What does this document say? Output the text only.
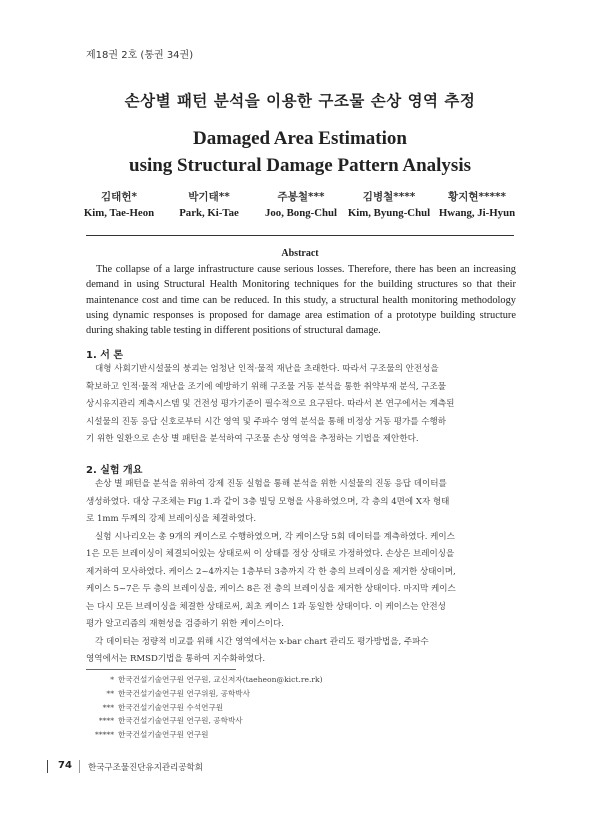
제18권 2호 (통권 34권)
손상별 패턴 분석을 이용한 구조물 손상 영역 추정
Damaged Area Estimation
using Structural Damage Pattern Analysis
김태헌*
Kim, Tae-Heon
박기태**
Park, Ki-Tae
주봉철***
Joo, Bong-Chul
김병철****
Kim, Byung-Chul
황지현*****
Hwang, Ji-Hyun
Abstract
The collapse of a large infrastructure cause serious losses. Therefore, there has been an increasing demand in using Structural Health Monitoring techniques for the building structures so that their maintenance cost and time can be reduced. In this study, a structural health monitoring methodology using dynamic responses is proposed for damage area estimation of a prototype building structure during shaking table testing in different positions of structural damage.
1. 서 론
대형 사회기반시설물의 붕괴는 엄청난 인적·물적 재난을 초래한다. 따라서 구조물의 안전성을
확보하고 인적·물적 재난을 조기에 예방하기 위해 구조물 거동 분석을 통한 취약부재 분석, 구조물
상시유지관리 계측시스템 및 건전성 평가기준이 필수적으로 요구된다. 따라서 본 연구에서는 계측된
시설물의 진동 응답 신호로부터 시간 영역 및 주파수 영역 분석을 통해 비정상 거동 평가를 수행하
기 위한 일환으로 손상 별 패턴을 분석하여 구조물 손상 영역을 추정하는 기법을 제안한다.
2. 실험 개요
손상 별 패턴을 분석을 위하여 강제 진동 실험을 통해 분석을 위한 시설물의 진동 응답 데이터를
생성하였다. 대상 구조체는 Fig 1.과 같이 3층 빌딩 모형을 사용하였으며, 각 층의 4면에 X자 형태
로 1mm 두께의 강제 브레이싱을 체결하였다.
실험 시나리오는 총 9개의 케이스로 수행하였으며, 각 케이스당 5회 데이터를 계측하였다. 케이스
1은 모든 브레이싱이 체결되어있는 상태로써 이 상태를 정상 상태로 가정하였다. 손상은 브레이싱을
제거하여 모사하였다. 케이스 2~4까지는 1층부터 3층까지 각 한 층의 브레이싱을 제거한 상태이며,
케이스 5~7은 두 층의 브레이싱을, 케이스 8은 전 층의 브레이싱을 제거한 상태이다. 마지막 케이스
는 다시 모든 브레이싱을 체결한 상태로써, 최초 케이스 1과 동일한 상태이다. 이 케이스는 안전성
평가 알고리즘의 재현성을 검증하기 위한 케이스이다.
각 데이터는 정량적 비교를 위해 시간 영역에서는 x-bar chart 관리도 평가방법을, 주파수
영역에서는 RMSD기법을 통하여 지수화하였다.
* 한국건설기술연구원 연구원, 교신저자(taeheon@kict.re.rk)
** 한국건설기술연구원 연구위원, 공학박사
*** 한국건설기술연구원 수석연구원
**** 한국건설기술연구원 연구원, 공학박사
***** 한국건설기술연구원 연구원
74 한국구조물진단유지관리공학회
